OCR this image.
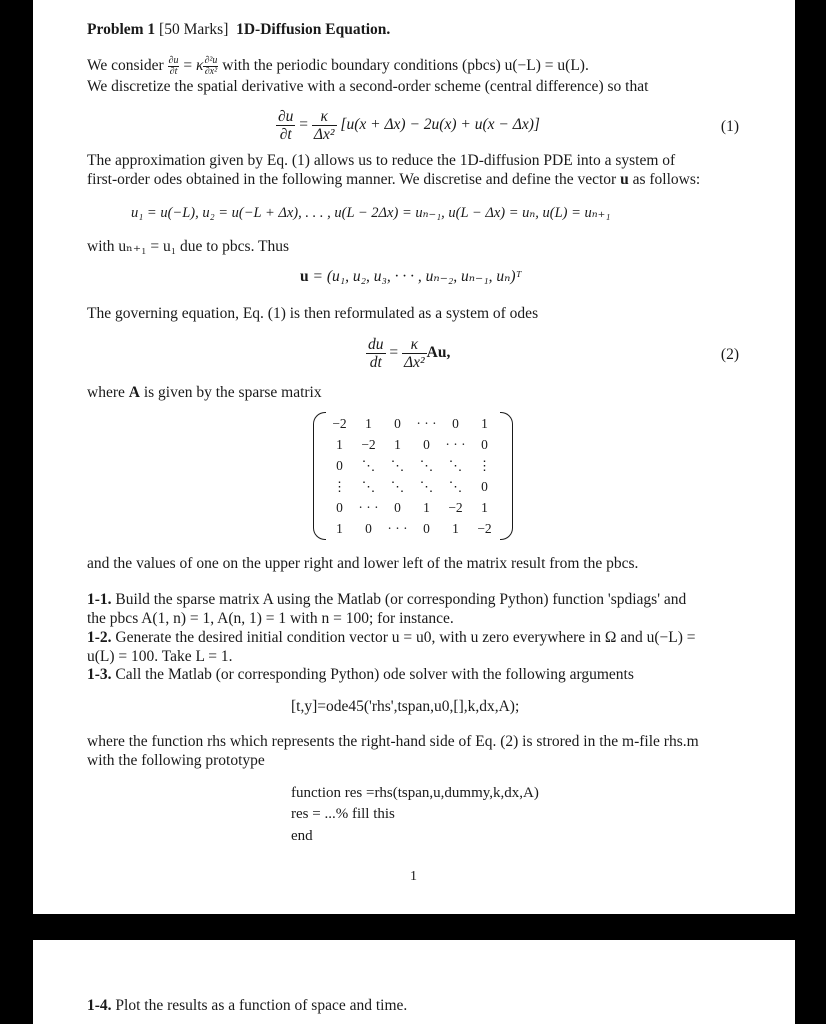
Problem 1 [50 Marks] 1D-Diffusion Equation.
We consider $\frac{\partial u}{\partial t} = \kappa \frac{\text{∂²u}}{\text{∂x²}}$ with the periodic boundary conditions (pbcs) u(−L) = u(L).
We discretize the spatial derivative with a second-order scheme (central difference) so that
$\frac{\partial u}{\partial t} = \frac{\kappa}{\text{Δx²}} [u(x + \Delta x) - 2u(x) + u(x - \Delta x)]$	(1)
The approximation given by Eq. (1) allows us to reduce the 1D-diffusion PDE into a system of
first-order odes obtained in the following manner. We discretise and define the vector u as follows:
u₁ = u(−L), u₂ = u(−L + Δx), . . . , u(L − 2Δx) = uₙ₋₁, u(L − Δx) = uₙ, u(L) = uₙ₊₁
with uₙ₊₁ = u₁ due to pbcs. Thus
u = (u₁, u₂, u₃, · · · , uₙ₋₂, uₙ₋₁, uₙ)ᵀ
The governing equation, Eq. (1) is then reformulated as a system of odes
$\frac{du}{dt} = \frac{\kappa}{\text{Δx²}} Au$,	(2)
where A is given by the sparse matrix
−2	1	0	· · ·	0	1
1	−2	1	0	· · ·	0
0	⋱	⋱	⋱	⋱	⋮
⋮	⋱	⋱	⋱	⋱	0
0	· · ·	0	1	−2	1
1	0	· · ·	0	1	−2
and the values of one on the upper right and lower left of the matrix result from the pbcs.
1-1. Build the sparse matrix A using the Matlab (or corresponding Python) function 'spdiags' and
the pbcs A(1, n) = 1, A(n, 1) = 1 with n = 100; for instance.
1-2. Generate the desired initial condition vector u = u0, with u zero everywhere in Ω and u(−L) =
u(L) = 100. Take L = 1.
1-3. Call the Matlab (or corresponding Python) ode solver with the following arguments
[t,y]=ode45('rhs',tspan,u0,[],k,dx,A);
where the function rhs which represents the right-hand side of Eq. (2) is strored in the m-file rhs.m
with the following prototype
function res =rhs(tspan,u,dummy,k,dx,A)
res = ...% fill this
end
1
1-4. Plot the results as a function of space and time.
